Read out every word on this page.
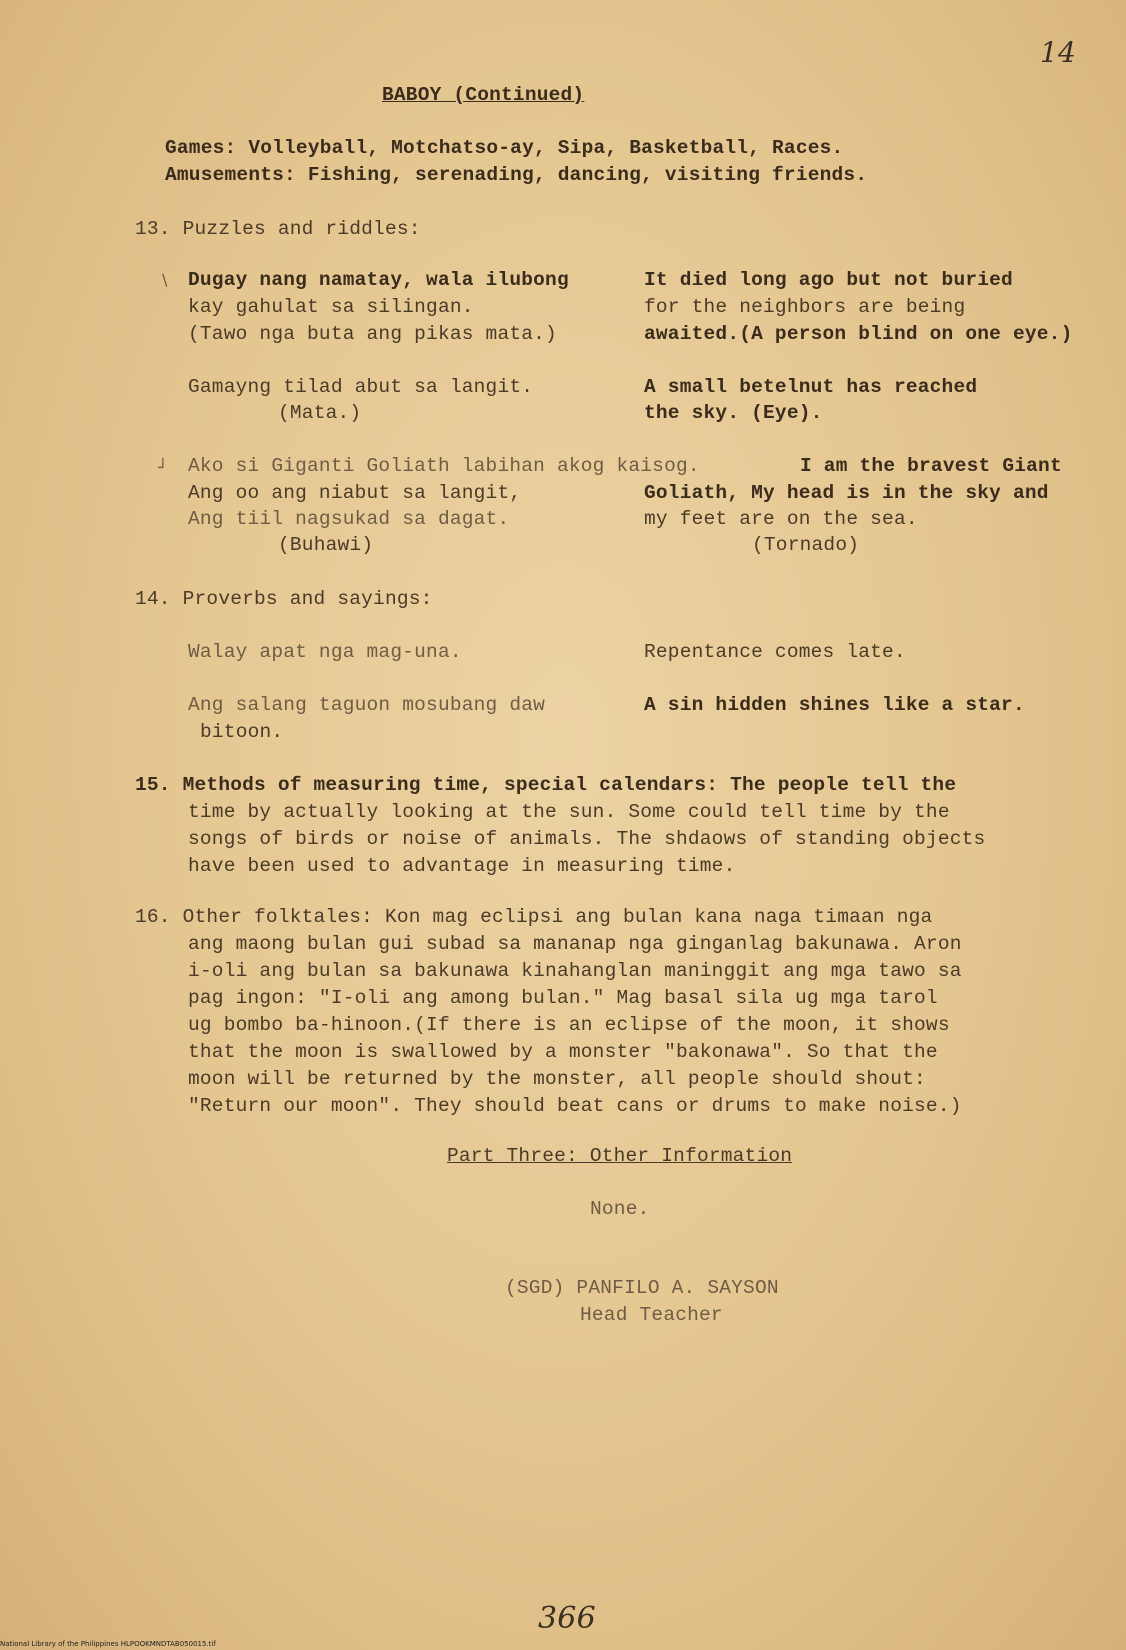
14
BABOY (Continued)
Games: Volleyball, Motchatso-ay, Sipa, Basketball, Races.
Amusements: Fishing, serenading, dancing, visiting friends.
13. Puzzles and riddles:
\ Dugay nang namatay, wala ilubong
kay gahulat sa silingan.
(Tawo nga buta ang pikas mata.)
It died long ago but not buried
for the neighbors are being
awaited.(A person blind on one eye.)
Gamayng tilad abut sa langit.
(Mata.)
A small betelnut has reached
the sky. (Eye).
┘ Ako si Giganti Goliath labihan akog kaisog.
Ang oo ang niabut sa langit,
Ang tiil nagsukad sa dagat.
(Buhawi)
I am the bravest Giant
Goliath, My head is in the sky and
my feet are on the sea.
(Tornado)
14. Proverbs and sayings:
Walay apat nga mag-una.	Repentance comes late.
Ang salang taguon mosubang daw
bitoon.
A sin hidden shines like a star.
15. Methods of measuring time, special calendars: The people tell the
time by actually looking at the sun. Some could tell time by the
songs of birds or noise of animals. The shdaows of standing objects
have been used to advantage in measuring time.
16. Other folktales: Kon mag eclipsi ang bulan kana naga timaan nga
ang maong bulan gui subad sa mananap nga ginganlag bakunawa. Aron
i-oli ang bulan sa bakunawa kinahanglan maninggit ang mga tawo sa
pag ingon: "I-oli ang among bulan." Mag basal sila ug mga tarol
ug bombo ba-hinoon.(If there is an eclipse of the moon, it shows
that the moon is swallowed by a monster "bakonawa". So that the
moon will be returned by the monster, all people should shout:
"Return our moon". They should beat cans or drums to make noise.)
Part Three: Other Information
None.
(SGD) PANFILO A. SAYSON
Head Teacher
366
National Library of the Philippines HLPOOKMNDTAB050015.tif
